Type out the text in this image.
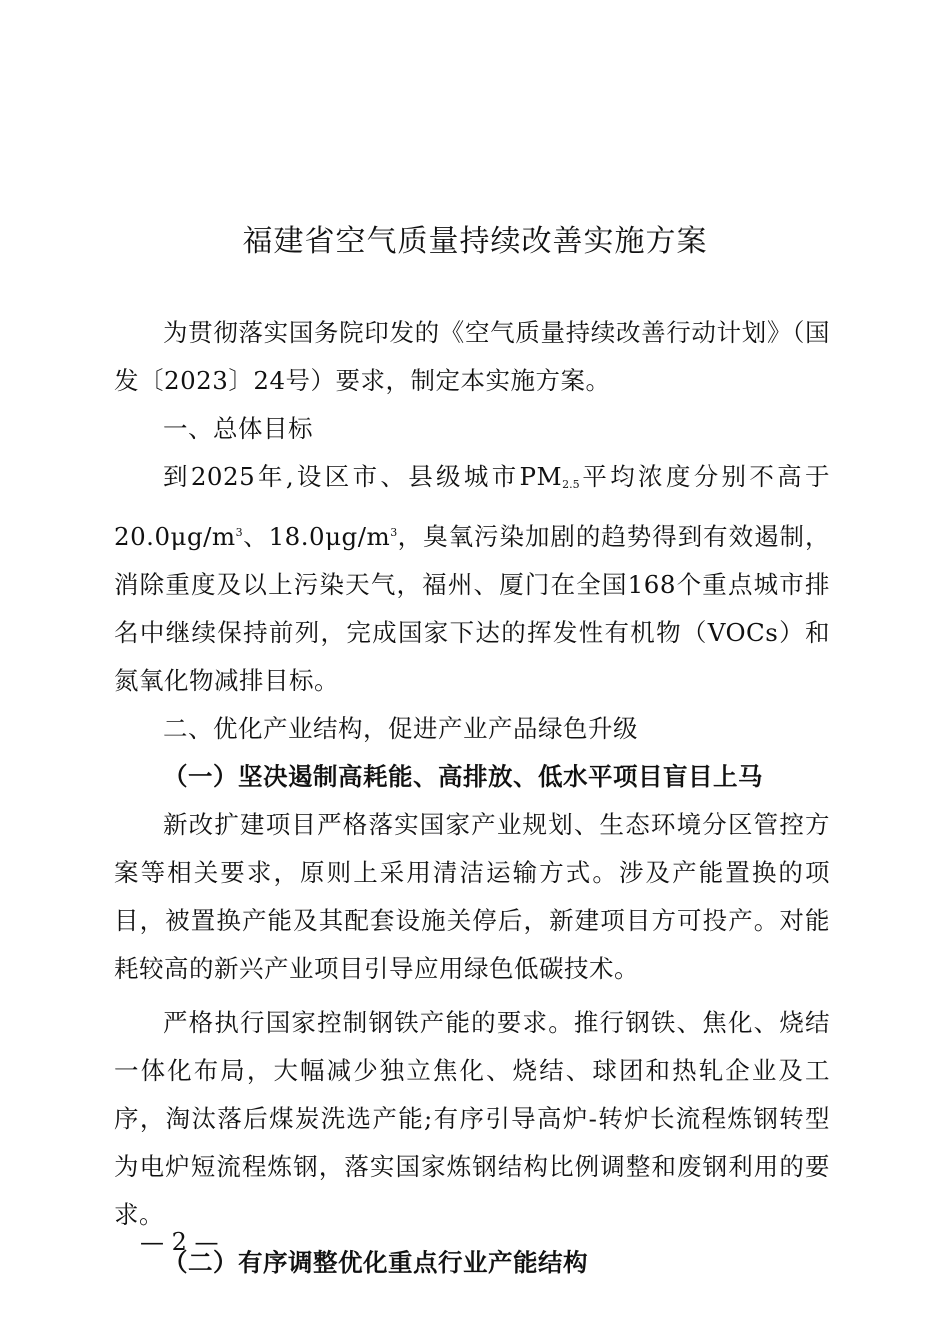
福建省空气质量持续改善实施方案

为贯彻落实国务院印发的《空气质量持续改善行动计划》（国发〔2023〕24号）要求，制定本实施方案。

一、总体目标

到2025年,设区市、县级城市$PM_{2.5}$平均浓度分别不高于$20.0\mu g/m^3$、$18.0\mu g/m^3$，臭氧污染加剧的趋势得到有效遏制，消除重度及以上污染天气，福州、厦门在全国168个重点城市排名中继续保持前列，完成国家下达的挥发性有机物（VOCs）和氮氧化物减排目标。

二、优化产业结构，促进产业产品绿色升级

（一）坚决遏制高耗能、高排放、低水平项目盲目上马

新改扩建项目严格落实国家产业规划、生态环境分区管控方案等相关要求，原则上采用清洁运输方式。涉及产能置换的项目，被置换产能及其配套设施关停后，新建项目方可投产。对能耗较高的新兴产业项目引导应用绿色低碳技术。

严格执行国家控制钢铁产能的要求。推行钢铁、焦化、烧结一体化布局，大幅减少独立焦化、烧结、球团和热轧企业及工序，淘汰落后煤炭洗选产能;有序引导高炉-转炉长流程炼钢转型为电炉短流程炼钢，落实国家炼钢结构比例调整和废钢利用的要求。

（二）有序调整优化重点行业产能结构

— 2 —
